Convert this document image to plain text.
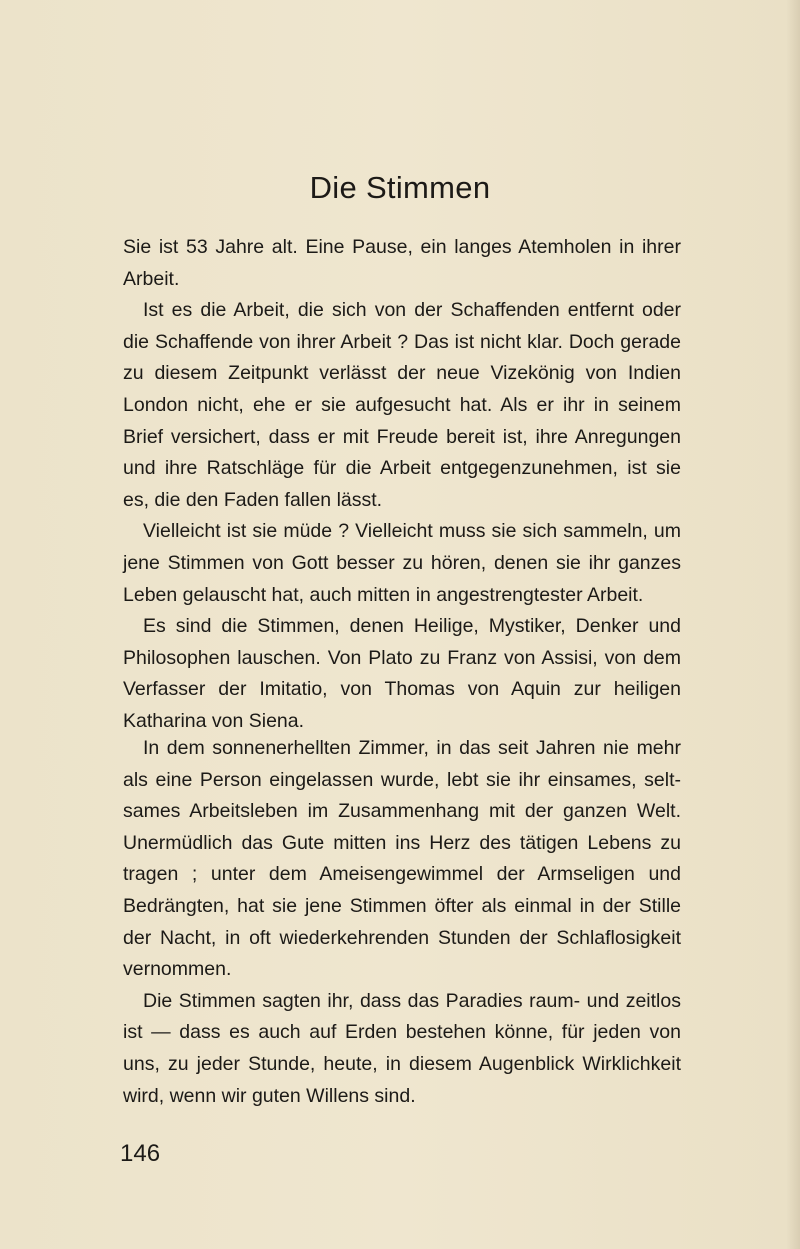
Die Stimmen

Sie ist 53 Jahre alt. Eine Pause, ein langes Atemholen in ihrer Arbeit.

Ist es die Arbeit, die sich von der Schaffenden entfernt oder die Schaffende von ihrer Arbeit ? Das ist nicht klar. Doch gerade zu diesem Zeitpunkt verlässt der neue Vizekönig von Indien London nicht, ehe er sie aufgesucht hat. Als er ihr in seinem Brief versichert, dass er mit Freude bereit ist, ihre Anregungen und ihre Ratschläge für die Arbeit entgegenzunehmen, ist sie es, die den Faden fallen lässt.

Vielleicht ist sie müde ? Vielleicht muss sie sich sammeln, um jene Stimmen von Gott besser zu hören, denen sie ihr ganzes Leben gelauscht hat, auch mitten in angestrengtester Arbeit.

Es sind die Stimmen, denen Heilige, Mystiker, Denker und Philosophen lauschen. Von Plato zu Franz von Assisi, von dem Verfasser der Imitatio, von Thomas von Aquin zur heiligen Katharina von Siena.

In dem sonnenerhellten Zimmer, in das seit Jahren nie mehr als eine Person eingelassen wurde, lebt sie ihr einsames, seltsames Arbeitsleben im Zusammenhang mit der ganzen Welt. Unermüdlich das Gute mitten ins Herz des tätigen Lebens zu tragen ; unter dem Ameisengewimmel der Armseligen und Bedrängten, hat sie jene Stimmen öfter als einmal in der Stille der Nacht, in oft wiederkehrenden Stunden der Schlaflosigkeit vernommen.

Die Stimmen sagten ihr, dass das Paradies raum- und zeitlos ist — dass es auch auf Erden bestehen könne, für jeden von uns, zu jeder Stunde, heute, in diesem Augenblick Wirklichkeit wird, wenn wir guten Willens sind.

146
